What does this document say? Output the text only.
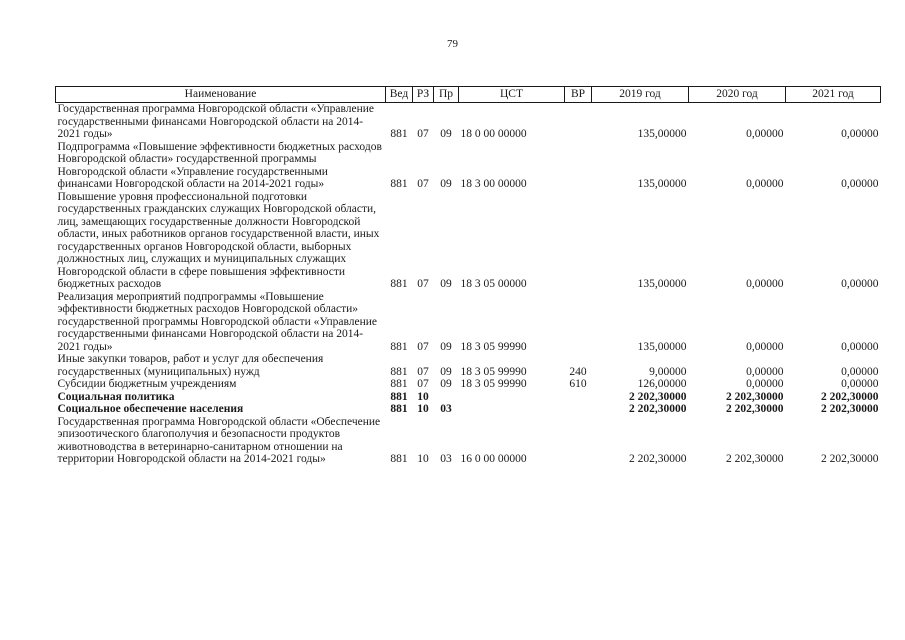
79
Наименование	Вед	РЗ	Пр	ЦСТ	ВР	2019 год	2020 год	2021 год
Государственная программа Новгородской области «Управление государственными финансами Новгородской области на 2014-2021 годы»	881	07	09	18 0 00 00000		135,00000	0,00000	0,00000
Подпрограмма «Повышение эффективности бюджетных расходов Новгородской области» государственной программы Новгородской области «Управление государственными финансами Новгородской области на 2014-2021 годы»	881	07	09	18 3 00 00000		135,00000	0,00000	0,00000
Повышение уровня профессиональной подготовки государственных гражданских служащих Новгородской области, лиц, замещающих государственные должности Новгородской области, иных работников органов государственной власти, иных государственных органов Новгородской области, выборных должностных лиц, служащих и муниципальных служащих Новгородской области в сфере повышения эффективности бюджетных расходов	881	07	09	18 3 05 00000		135,00000	0,00000	0,00000
Реализация мероприятий подпрограммы «Повышение эффективности бюджетных расходов Новгородской области» государственной программы Новгородской области «Управление государственными финансами Новгородской области на 2014-2021 годы»	881	07	09	18 3 05 99990		135,00000	0,00000	0,00000
Иные закупки товаров, работ и услуг для обеспечения государственных (муниципальных) нужд	881	07	09	18 3 05 99990	240	9,00000	0,00000	0,00000
Субсидии бюджетным учреждениям	881	07	09	18 3 05 99990	610	126,00000	0,00000	0,00000
Социальная политика	881	10				2 202,30000	2 202,30000	2 202,30000
Социальное обеспечение населения	881	10	03			2 202,30000	2 202,30000	2 202,30000
Государственная программа Новгородской области «Обеспечение эпизоотического благополучия и безопасности продуктов животноводства в ветеринарно-санитарном отношении на территории Новгородской области на 2014-2021 годы»	881	10	03	16 0 00 00000		2 202,30000	2 202,30000	2 202,30000
